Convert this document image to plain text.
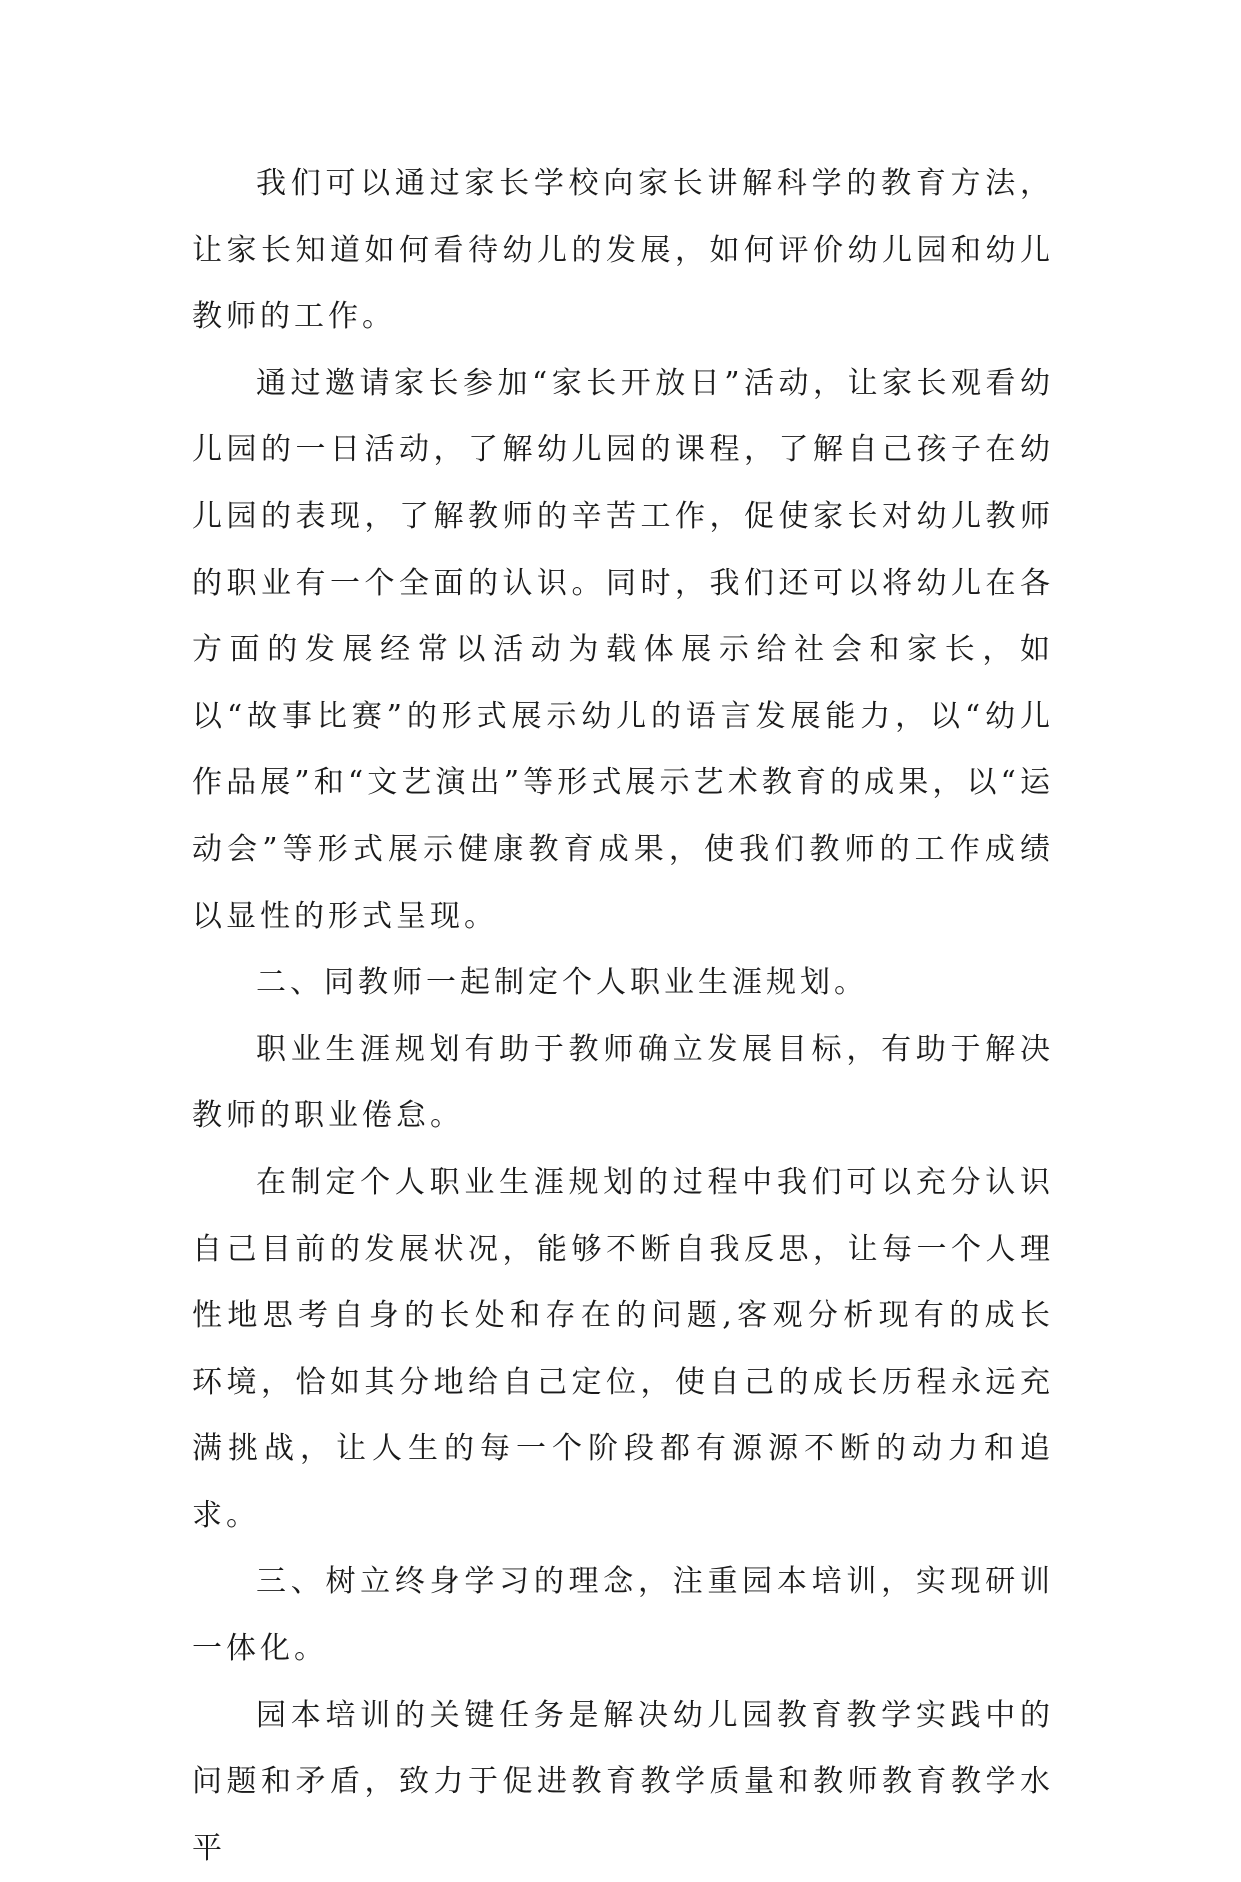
我们可以通过家长学校向家长讲解科学的教育方法，让家长知道如何看待幼儿的发展，如何评价幼儿园和幼儿教师的工作。

通过邀请家长参加“家长开放日”活动，让家长观看幼儿园的一日活动，了解幼儿园的课程，了解自己孩子在幼儿园的表现，了解教师的辛苦工作，促使家长对幼儿教师的职业有一个全面的认识。同时，我们还可以将幼儿在各方面的发展经常以活动为载体展示给社会和家长，如以“故事比赛”的形式展示幼儿的语言发展能力，以“幼儿作品展”和“文艺演出”等形式展示艺术教育的成果，以“运动会”等形式展示健康教育成果，使我们教师的工作成绩以显性的形式呈现。

二、同教师一起制定个人职业生涯规划。

职业生涯规划有助于教师确立发展目标，有助于解决教师的职业倦怠。

在制定个人职业生涯规划的过程中我们可以充分认识自己目前的发展状况，能够不断自我反思，让每一个人理性地思考自身的长处和存在的问题,客观分析现有的成长环境，恰如其分地给自己定位，使自己的成长历程永远充满挑战，让人生的每一个阶段都有源源不断的动力和追求。

三、树立终身学习的理念，注重园本培训，实现研训一体化。

园本培训的关键任务是解决幼儿园教育教学实践中的问题和矛盾，致力于促进教育教学质量和教师教育教学水平
